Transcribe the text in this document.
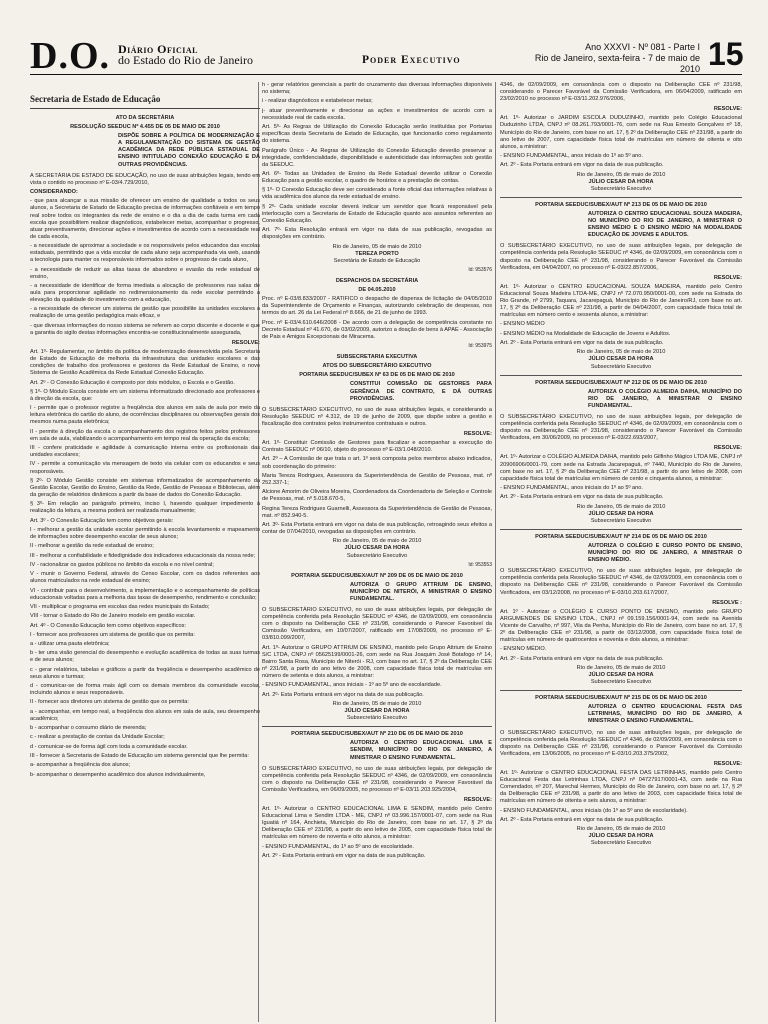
D.O. Diário Oficial
do Estado do Rio de Janeiro	Poder Executivo
Ano XXXVI - Nº 081 - Parte I
Rio de Janeiro, sexta-feira - 7 de maio de 2010 15
Secretaria de Estado de Educação
ATO DA SECRETÁRIA
RESOLUÇÃO SEEDUC Nº 4.455 DE 05 DE MAIO DE 2010
DISPÕE SOBRE A POLÍTICA DE MODERNIZAÇÃO E A REGULAMENTAÇÃO DO SISTEMA DE GESTÃO ACADÊMICA DA REDE PÚBLICA ESTADUAL DE ENSINO INTITULADO CONEXÃO EDUCAÇÃO E DÁ OUTRAS PROVIDÊNCIAS.
A SECRETÁRIA DE ESTADO DE EDUCAÇÃO, no uso de suas atribuições legais, tendo em vista o contido no processo nº E-03/4.729/2010,
CONSIDERANDO:
- que para alcançar a sua missão de oferecer um ensino de qualidade a todos os seus alunos, a Secretaria de Estado de Educação precisa de informações confiáveis e em tempo real sobre todos os integrantes da rede de ensino e o dia a dia de cada turma em cada escola que possibilitem realizar diagnósticos, estabelecer metas, acompanhar o progresso, atuar preventivamente, direcionar ações e investimentos de acordo com a necessidade real de cada escola,
- a necessidade de aproximar a sociedade e os responsáveis pelos educandos das escolas estaduais, permitindo que a vida escolar de cada aluno seja acompanhada via web, usando a tecnologia para manter os responsáveis informados sobre o progresso de cada aluno,
- a necessidade de reduzir as altas taxas de abandono e evasão da rede estadual de ensino,
- a necessidade de identificar de forma imediata a alocação de professores nas salas de aula para proporcionar agilidade no redimensionamento da rede escolar permitindo a elevação da qualidade do investimento com a educação,
- a necessidade de oferecer um sistema de gestão que possibilite às unidades escolares a realização de uma gestão pedagógica mais eficaz, e
- que diversas informações do nosso sistema se referem ao corpo discente e docente e que a garantia do sigilo destas informações encontra-se constitucionalmente assegurada,
RESOLVE:
Art. 1º- Regulamentar, no âmbito da política de modernização desenvolvida pela Secretaria de Estado de Educação de melhoria da infraestrutura das unidades escolares e das condições de trabalho dos professores e gestores da Rede Estadual de Ensino, o novo Sistema de Gestão Acadêmica da Rede Estadual Conexão Educação.
Art. 2º - O Conexão Educação é composto por dois módulos, o Escola e o Gestão.
§ 1º- O Módulo Escola consiste em um sistema informatizado direcionado aos professores e à direção da escola, que:
I - permite que o professor registre a freqüência dos alunos em sala de aula por meio da leitura eletrônica do cartão do aluno, de ocorrências disciplinares ou observações gerais dos mesmos numa pauta eletrônica;
II - permite à direção da escola o acompanhamento dos registros feitos pelos professores em sala de aula, viabilizando o acompanhamento em tempo real da operação da escola;
III - confere praticidade e agilidade à comunicação interna entre os profissionais das unidades escolares;
IV - permite a comunicação via mensagem de texto via celular com os educandos e seus responsáveis.
§ 2º- O Módulo Gestão consiste em sistemas informatizados de acompanhamento da Gestão Escolar, Gestão do Ensino, Gestão da Rede, Gestão de Pessoas e Bibliotecas, além da geração de relatórios dinâmicos a partir da base de dados do Conexão Educação.
§ 3º- Em relação ao parágrafo primeiro, inciso I, havendo qualquer impedimento à realização da leitura, a mesma poderá ser realizada manualmente;
Art. 3º - O Conexão Educação tem como objetivos gerais:
I - melhorar a gestão da unidade escolar permitindo à escola levantamento e mapeamento de informações sobre desempenho escolar de seus alunos;
II - melhorar a gestão da rede estadual de ensino;
III - melhorar a confiabilidade e fidedignidade dos indicadores educacionais da nossa rede;
IV - racionalizar os gastos públicos no âmbito da escola e no nível central;
V - munir o Governo Federal, através do Censo Escolar, com os dados referentes aos alunos matriculados na rede estadual de ensino;
VI - contribuir para o desenvolvimento, a implementação e o acompanhamento de políticas educacionais voltadas para a melhoria das taxas de desempenho, rendimento e conclusão;
VII - multiplicar o programa em escolas das redes municipais do Estado;
VIII - tornar o Estado do Rio de Janeiro modelo em gestão escolar.
Art. 4º - O Conexão Educação tem como objetivos específicos:
I - fornecer aos professores um sistema de gestão que os permita:
a - utilizar uma pauta eletrônica;
b - ter uma visão gerencial do desempenho e evolução acadêmica de todas as suas turmas e de seus alunos;
c - gerar relatórios, tabelas e gráficos a partir da freqüência e desempenho acadêmico de seus alunos e turmas;
d - comunicar-se de forma mais ágil com os demais membros da comunidade escolar, incluindo alunos e seus responsáveis.
II - fornecer aos diretores um sistema de gestão que os permita:
a - acompanhar, em tempo real, a freqüência dos alunos em sala de aula, seu desempenho acadêmico;
b - acompanhar o consumo diário de merenda;
c - realizar a prestação de contas da Unidade Escolar;
d - comunicar-se de forma ágil com toda a comunidade escolar.
III - fornecer à Secretaria de Estado de Educação um sistema gerencial que lhe permita:
a- acompanhar a freqüência dos alunos;
b- acompanhar o desempenho acadêmico dos alunos individualmente,
h - gerar relatórios gerenciais a partir do cruzamento das diversas informações disponíveis no sistema;
i - realizar diagnósticos e estabelecer metas;
j- atuar preventivamente e direcionar as ações e investimentos de acordo com a necessidade real de cada escola.
Art. 5º- As Regras de Utilização do Conexão Educação serão instituídas por Portarias específicas desta Secretaria de Estado de Educação, que funcionarão como regulamento do sistema.
Parágrafo Único - As Regras de Utilização do Conexão Educação deverão preservar a integridade, confidencialidade, disponibilidade e autenticidade das informações sob gestão da SEEDUC.
Art. 6º- Todas as Unidades de Ensino da Rede Estadual deverão utilizar o Conexão Educação para a gestão escolar, o quadro de horários e a prestação de contas.
§ 1º- O Conexão Educação deve ser considerado a fonte oficial das informações relativas à vida acadêmica dos alunos da rede estadual de ensino.
§ 2º- Cada unidade escolar deverá indicar um servidor que ficará responsável pela interlocução com a Secretaria de Estado de Educação quanto aos assuntos referentes ao Conexão Educação.
Art. 7º- Esta Resolução entrará em vigor na data de sua publicação, revogadas as disposições em contrário.
Rio de Janeiro, 05 de maio de 2010
TEREZA PORTO
Secretária de Estado de Educação
Id: 953576
DESPACHOS DA SECRETÁRIA
DE 04.05.2010
Proc. nº E-03/8.833/2007 - RATIFICO o despacho de dispensa de licitação de 04/05/2010 da Superintendente de Orçamento e Finanças, autorizando celebração de despesas, nos termos do art. 26 da Lei Federal nº 8.666, de 21 de junho de 1993.
Proc. nº E-03/4.610.646/2008 - De acordo com a delegação de competência constante no Decreto Estadual nº 41.670, de 03/02/2009, autorizo a doação de bens à APAE - Associação de Pais e Amigos Excepcionais de Miracema.
Id: 953975
SUBSECRETARIA EXECUTIVA
ATOS DO SUBSECRETÁRIO EXECUTIVO
PORTARIA SEEDUC/SUBEX Nº 63 DE 05 DE MAIO DE 2010
CONSTITUI COMISSÃO DE GESTORES PARA GERÊNCIA DE CONTRATO, E DÁ OUTRAS PROVIDÊNCIAS.
O SUBSECRETÁRIO EXECUTIVO, no uso de suas atribuições legais, e considerando a Resolução SEEDUC nº 4.312, de 19 de junho de 2009, que dispõe sobre a gestão e fiscalização dos contratos pelos instrumentos contratuais e outros.
RESOLVE:
Art. 1º- Constituir Comissão de Gestores para fiscalizar e acompanhar a execução do Contrato SEEDUC nº 06/10, objeto do processo nº E-03/1.048/2010.
Art. 2º – A Comissão de que trata o art. 1º será composta pelos membros abaixo indicados, sob coordenação do primeiro:
Maria Tereza Rodrigues, Assessora da Superintendência de Gestão de Pessoas, mat. nº 252.337-1;
Alcione Amorim de Oliveira Moreira, Coordenadora da Coordenadoria de Seleção e Controle de Pessoas, mat. nº 5.018.670-5,
Regina Tereza Rodrigues Guarnelli, Assessora da Superintendência de Gestão de Pessoas, mat. nº 852.940-5.
Art. 3º- Esta Portaria entrará em vigor na data de sua publicação, retroagindo seus efeitos a contar de 07/04/2010, revogadas as disposições em contrário.
Rio de Janeiro, 05 de maio de 2010
JÚLIO CESAR DA HORA
Subsecretário Executivo
Id: 953553
PORTARIA SEEDUC/SUBEX/AUT Nº 209 DE 05 DE MAIO DE 2010
AUTORIZA O GRUPO ATTRIUM DE ENSINO, MUNICÍPIO DE NITERÓI, A MINISTRAR O ENSINO FUNDAMENTAL.
O SUBSECRETÁRIO EXECUTIVO, no uso de suas atribuições legais, por delegação de competência conferida pela Resolução SEEDUC nº 4346, de 02/09/2009, em consonância com o disposto na Deliberação CEE nº 231/98, considerando o Parecer Favorável da Comissão Verificadora, em 10/07/2007, ratificado em 17/08/2009, no processo nº E-03/810.099/2007,
Art. 1º- Autorizar o GRUPO ATTRIUM DE ENSINO, mantido pelo Grupo Attrium de Ensino S/C LTDA, CNPJ nº 05625199/0001-26, com sede na Rua Joaquim José Botafogo nº 14, Bairro Santa Rosa, Município de Niterói - RJ, com base no art. 17, § 2º da Deliberação CEE nº 231/98, a partir do ano letivo de 2008, com capacidade física total de matrículas em número de setenta e dois alunos, a ministrar:
- ENSINO FUNDAMENTAL, anos iniciais - 1º ao 5º ano de escolaridade.
Art. 2º- Esta Portaria entrará em vigor na data de sua publicação.
Rio de Janeiro, 05 de maio de 2010
JÚLIO CESAR DA HORA
Subsecretário Executivo
PORTARIA SEEDUC/SUBEX/AUT Nº 210 DE 05 DE MAIO DE 2010
AUTORIZA O CENTRO EDUCACIONAL LIMA E SENDIM, MUNICÍPIO DO RIO DE JANEIRO, A MINISTRAR O ENSINO FUNDAMENTAL.
O SUBSECRETÁRIO EXECUTIVO, no uso de suas atribuições legais, por delegação de competência conferida pela Resolução SEEDUC nº 4346, de 02/09/2009, em consonância com o disposto na Deliberação CEE nº 231/98, considerando o Parecer Favorável da Comissão Verificadora, em 06/09/2005, no processo nº E-03/11.203.925/2004,
RESOLVE:
Art. 1º- Autorizar o CENTRO EDUCACIONAL LIMA E SENDIM, mantido pelo Centro Educacional Lima e Sendim LTDA - ME, CNPJ nº 03.996.157/0001-07, com sede na Rua Iguatiá nº 164, Anchieta, Município do Rio de Janeiro, com base no art. 17, § 2º da Deliberação CEE nº 231/98, a partir do ano letivo de 2005, com capacidade física total de matrículas em número de noventa e oito alunos, a ministrar:
- ENSINO FUNDAMENTAL, do 1º ao 5º ano de escolaridade.
Art. 2º - Esta Portaria entrará em vigor na data de sua publicação.
4346, de 02/09/2009, em consonância com o disposto na Deliberação CEE nº 231/98, considerando o Parecer Favorável da Comissão Verificadora, em 06/04/2009, ratificado em 23/02/2010 no processo nº E-03/11.202.976/2006,
RESOLVE:
Art. 1º- Autorizar o JARDIM ESCOLA DUDUZINHO, mantido pelo Colégio Educacional Duduzinho LTDA, CNPJ nº 08.261.793/0001-76, com sede na Rua Ernesto Gonçalves nº 18, Município do Rio de Janeiro, com base no art. 17, § 2º da Deliberação CEE nº 231/98, a partir do ano letivo de 2007, com capacidade física total de matrículas em número de oitenta e oito alunos, a ministrar:
- ENSINO FUNDAMENTAL, anos iniciais do 1º ao 5º ano.
Art. 2º - Esta Portaria entrará em vigor na data de sua publicação.
Rio de Janeiro, 05 de maio de 2010
JÚLIO CESAR DA HORA
Subsecretário Executivo
PORTARIA SEEDUC/SUBEX/AUT Nº 213 DE 05 DE MAIO DE 2010
AUTORIZA O CENTRO EDUCACIONAL SOUZA MADEIRA, NO MUNICÍPIO DO RIO DE JANEIRO, A MINISTRAR O ENSINO MÉDIO E O ENSINO MÉDIO NA MODALIDADE EDUCAÇÃO DE JOVENS E ADULTOS.
O SUBSECRETÁRIO EXECUTIVO, no uso de suas atribuições legais, por delegação de competência conferida pela Resolução SEEDUC nº 4346, de 02/09/2009, em consonância com o disposto na Deliberação CEE nº 231/98, considerando o Parecer Favorável da Comissão Verificadora, em 04/04/2007, no processo nº E-03/22.857/2006,
RESOLVE:
Art. 1º- Autorizar o CENTRO EDUCACIONAL SOUZA MADEIRA, mantido pelo Centro Educacional Souza Madeira LTDA-ME, CNPJ nº 72.070.950/0001-00, com sede na Estrada do Rio Grande, nº 2799, Taquara, Jacarepaguá, Município do Rio de Janeiro/RJ, com base no art. 17, § 2º da Deliberação CEE nº 231/98, a partir de 04/04/2007, com capacidade física total de matrículas em número cento e sessenta alunos, a ministrar:
- ENSINO MÉDIO
- ENSINO MÉDIO na Modalidade de Educação de Jovens e Adultos.
Art. 2º - Esta Portaria entrará em vigor na data de sua publicação.
Rio de Janeiro, 05 de maio de 2010
JÚLIO CESAR DA HORA
Subsecretário Executivo
PORTARIA SEEDUC/SUBEX/AUT Nº 212 DE 05 DE MAIO DE 2010
AUTORIZA O COLÉGIO ALMEIDA DAIHA, MUNICÍPIO DO RIO DE JANEIRO, A MINISTRAR O ENSINO FUNDAMENTAL.
O SUBSECRETÁRIO EXECUTIVO, no uso de suas atribuições legais, por delegação de competência conferida pela Resolução SEEDUC nº 4346, de 02/09/2009, em consonância com o disposto na Deliberação CEE nº 231/98, considerando o Parecer Favorável da Comissão Verificadora, em 30/06/2009, no processo nº E-03/22.693/2007,
RESOLVE:
Art. 1º- Autorizar o COLÉGIO ALMEIDA DAIHA, mantido pelo Gilfinho Mágico LTDA ME, CNPJ nº 20906906/0001-79, com sede na Estrada Jacarepaguá, nº 7440, Município do Rio de Janeiro, com base no art. 17, § 2º da Deliberação CEE nº 231/98, a partir do ano letivo de 2008, com capacidade física total de matrículas em número de cento e cinquenta alunos, a ministrar:
- ENSINO FUNDAMENTAL, anos iniciais do 1º ao 5º ano.
Art. 2º - Esta Portaria entrará em vigor na data de sua publicação.
Rio de Janeiro, 05 de maio de 2010
JÚLIO CESAR DA HORA
Subsecretário Executivo
PORTARIA SEEDUC/SUBEX/AUT Nº 214 DE 05 DE MAIO DE 2010
AUTORIZA O COLÉGIO E CURSO PONTO DE ENSINO, MUNICÍPIO DO RIO DE JANEIRO, A MINISTRAR O ENSINO MÉDIO.
O SUBSECRETÁRIO EXECUTIVO, no uso de suas atribuições legais, por delegação de competência conferida pela Resolução SEEDUC nº 4346, de 02/09/2009, em consonância com o disposto na Deliberação CEE nº 231/98, considerando o Parecer Favorável da Comissão Verificadora, em 03/12/2008, no processo nº E-03/10.203.617/2007,
RESOLVE :
Art. 1º - Autorizar o COLÉGIO E CURSO PONTO DE ENSINO, mantido pelo GRUPO ARGUMENDES DE ENSINO LTDA., CNPJ nº 09.159.156/0001-94, com sede na Avenida Vicente de Carvalho, nº 997, Vila da Penha, Município do Rio de Janeiro, com base no art. 17, § 2º da Deliberação CEE nº 231/98, a partir de 03/12/2008, com capacidade física total de matrículas em número de quatrocentos e noventa e dois alunos, a ministrar:
- ENSINO MÉDIO.
Art. 2º - Esta Portaria entrará em vigor na data de sua publicação.
Rio de Janeiro, 05 de maio de 2010
JÚLIO CESAR DA HORA
Subsecretário Executivo
PORTARIA SEEDUC/SUBEX/AUT Nº 215 DE 05 DE MAIO DE 2010
AUTORIZA O CENTRO EDUCACIONAL FESTA DAS LETRINHAS, MUNICÍPIO DO RIO DE JANEIRO, A MINISTRAR O ENSINO FUNDAMENTAL.
O SUBSECRETÁRIO EXECUTIVO, no uso de suas atribuições legais, por delegação de competência conferida pela Resolução SEEDUC nº 4346, de 02/09/2009, em consonância com o disposto na Deliberação CEE nº 231/98, considerando o Parecer Favorável da Comissão Verificadora, em 13/06/2005, no processo nº E-03/10.203.375/2002,
RESOLVE:
Art. 1º- Autorizar o CENTRO EDUCACIONAL FESTA DAS LETRINHAS, mantido pelo Centro Educacional Festa das Letrinhas LTDA, CNPJ nº 04727917/0001-43, com sede na Rua Comendador, nº 207, Marechal Hermes, Município do Rio de Janeiro, com base no art. 17, § 2º da Deliberação CEE nº 231/98, a partir do ano letivo de 2003, com capacidade física total de matrículas em número de oitenta e seis alunos, a ministrar:
- ENSINO FUNDAMENTAL, anos iniciais (do 1º ao 5º ano de escolaridade).
Art. 2º - Esta Portaria entrará em vigor na data de sua publicação.
Rio de Janeiro, 05 de maio de 2010
JÚLIO CESAR DA HORA
Subsecretário Executivo
